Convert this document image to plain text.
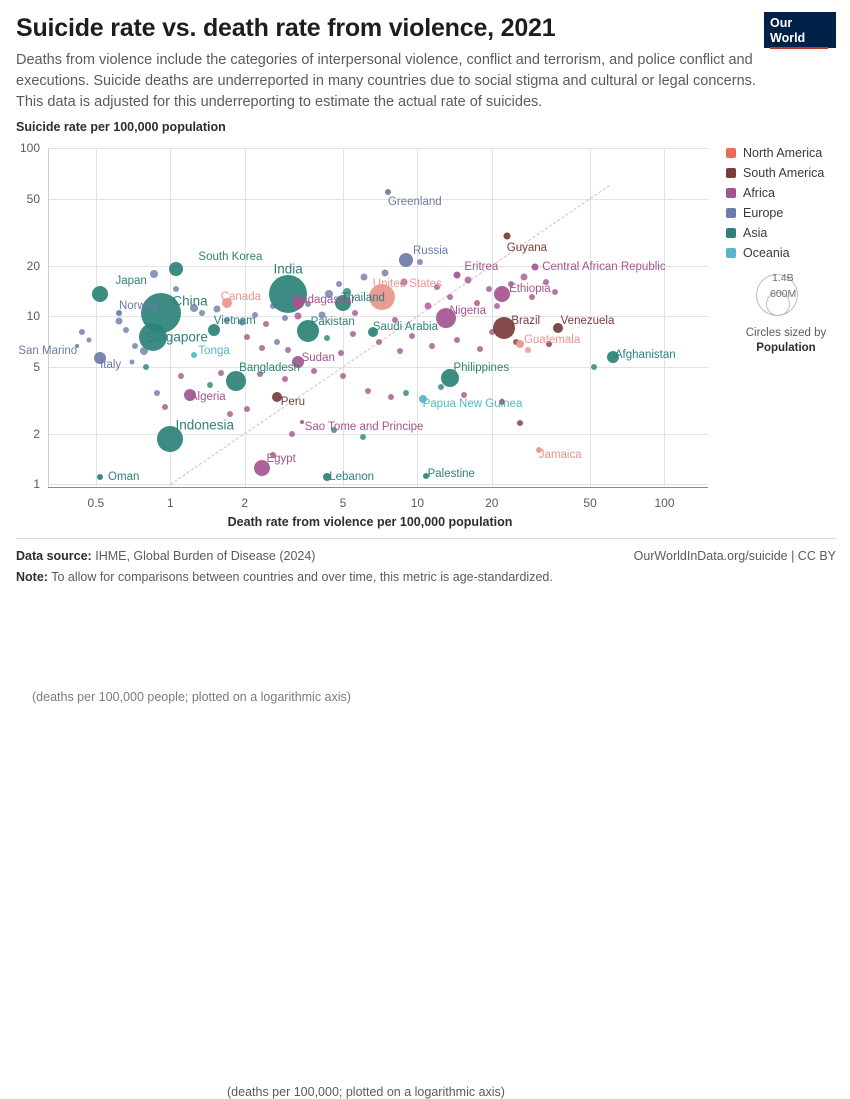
Suicide rate vs. death rate from violence, 2021
Deaths from violence include the categories of interpersonal violence, conflict and terrorism, and police conflict and executions. Suicide deaths are underreported in many countries due to social stigma and cultural or legal concerns. This data is adjusted for this underreporting to estimate the actual rate of suicides.
Our World
in Data
Suicide rate per 100,000 population
(deaths per 100,000 people; plotted on a logarithmic axis)
1
2
5
10
20
50
100
0.5	1	2	5	10	20	50	100
Greenland
Guyana
Russia
South Korea
Central African Republic
Eritrea
India
United States	Ethiopia
Japan
Madagascar
Thailand
Canada
Norway China
Nigeria
Saudi Arabia
Pakistan
Vietnam
Singapore
Brazil Venezuela
Guatemala
San Marino	Tonga
Italy
Sudan	Afghanistan
Bangladesh	Philippines
Algeria	Peru	Papua New Guinea
Indonesia	Sao Tome and Principe
Jamaica
Egypt
Lebanon	Palestine
Oman
Death rate from violence per 100,000 population
(deaths per 100,000; plotted on a logarithmic axis)
North America
South America
Africa
Europe
Asia
Oceania
1.4B
600M
Circles sized by
Population
Data source: IHME, Global Burden of Disease (2024)	OurWorldInData.org/suicide | CC BY
Note: To allow for comparisons between countries and over time, this metric is age-standardized.
